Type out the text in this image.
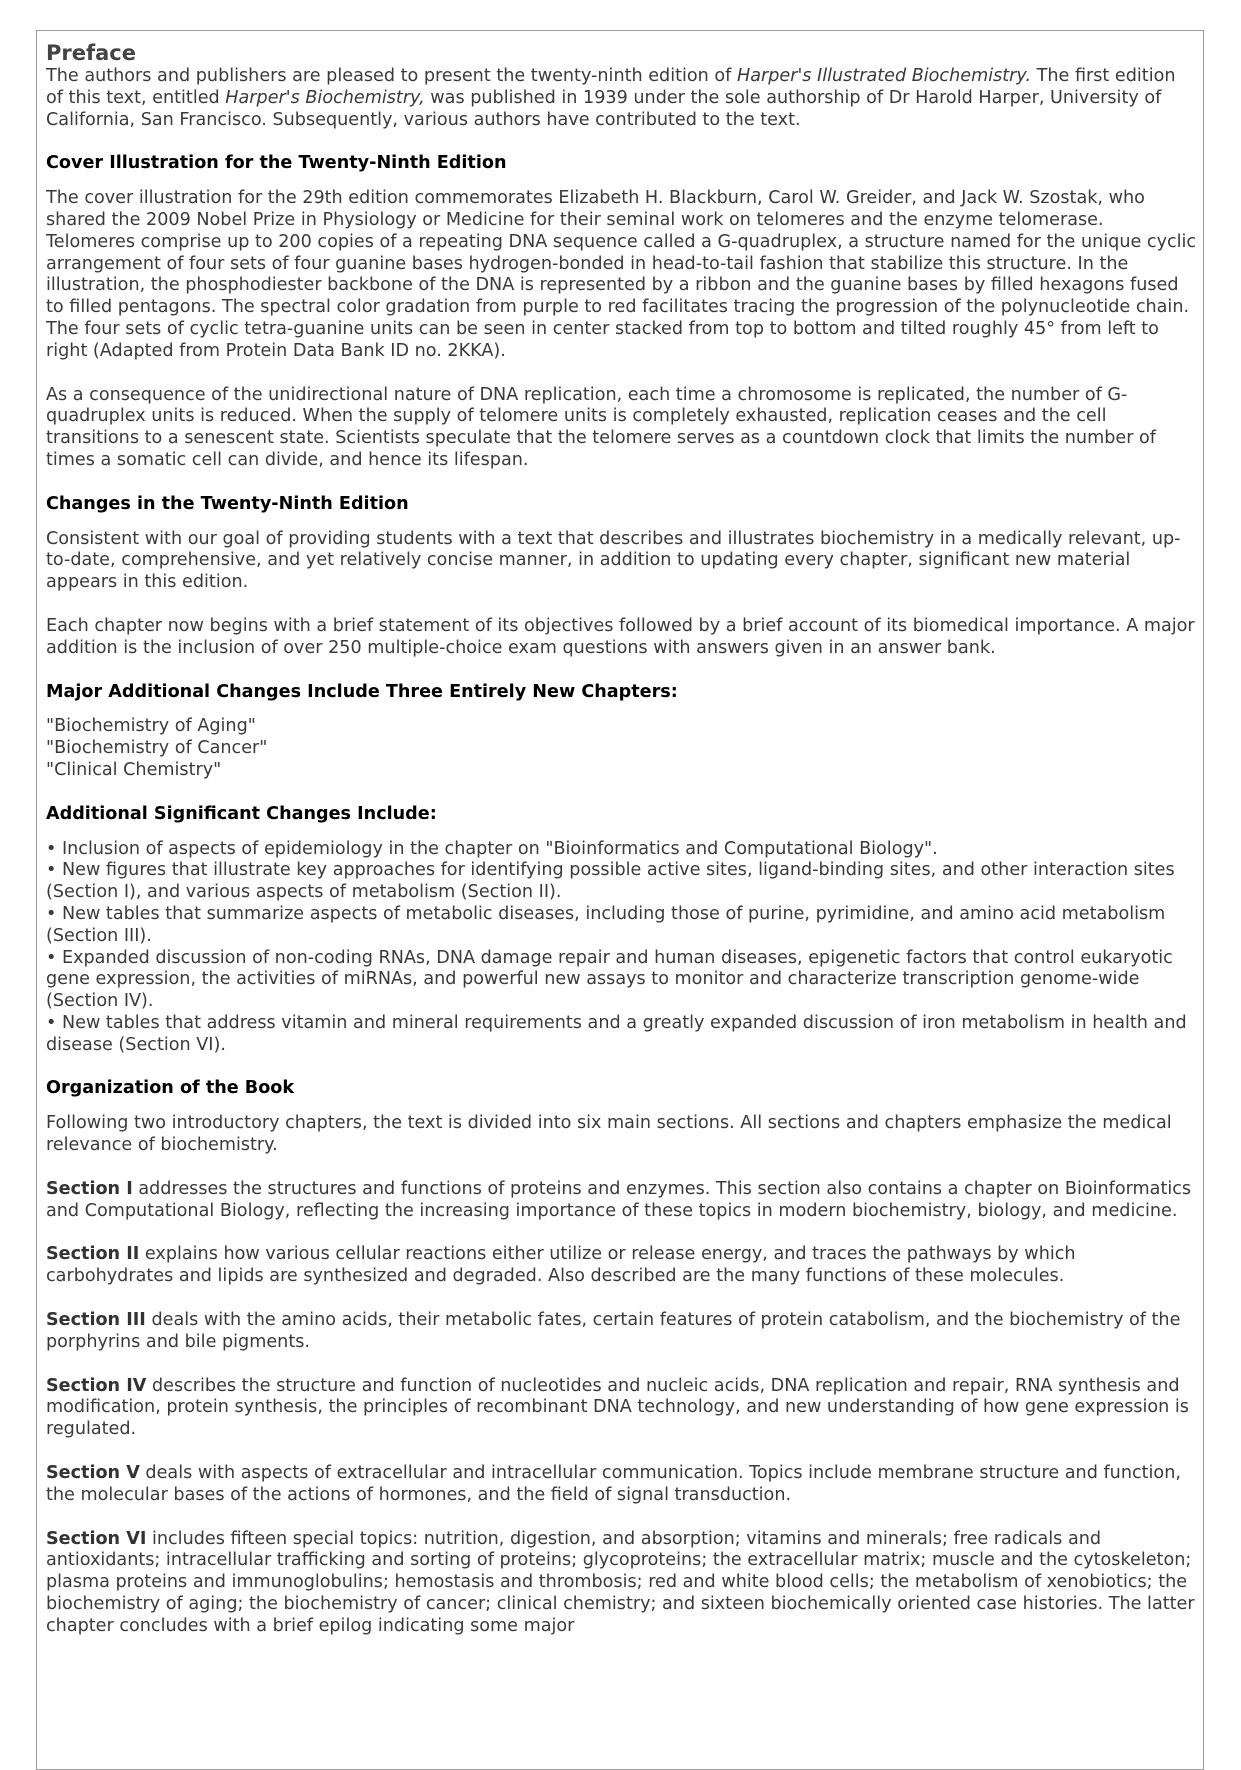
Preface

The authors and publishers are pleased to present the twenty-ninth edition of Harper's Illustrated Biochemistry. The first edition of this text, entitled Harper's Biochemistry, was published in 1939 under the sole authorship of Dr Harold Harper, University of California, San Francisco. Subsequently, various authors have contributed to the text.

Cover Illustration for the Twenty-Ninth Edition

The cover illustration for the 29th edition commemorates Elizabeth H. Blackburn, Carol W. Greider, and Jack W. Szostak, who shared the 2009 Nobel Prize in Physiology or Medicine for their seminal work on telomeres and the enzyme telomerase. Telomeres comprise up to 200 copies of a repeating DNA sequence called a G-quadruplex, a structure named for the unique cyclic arrangement of four sets of four guanine bases hydrogen-bonded in head-to-tail fashion that stabilize this structure. In the illustration, the phosphodiester backbone of the DNA is represented by a ribbon and the guanine bases by filled hexagons fused to filled pentagons. The spectral color gradation from purple to red facilitates tracing the progression of the polynucleotide chain. The four sets of cyclic tetra-guanine units can be seen in center stacked from top to bottom and tilted roughly 45° from left to right (Adapted from Protein Data Bank ID no. 2KKA).

As a consequence of the unidirectional nature of DNA replication, each time a chromosome is replicated, the number of G-quadruplex units is reduced. When the supply of telomere units is completely exhausted, replication ceases and the cell transitions to a senescent state. Scientists speculate that the telomere serves as a countdown clock that limits the number of times a somatic cell can divide, and hence its lifespan.

Changes in the Twenty-Ninth Edition

Consistent with our goal of providing students with a text that describes and illustrates biochemistry in a medically relevant, up-to-date, comprehensive, and yet relatively concise manner, in addition to updating every chapter, significant new material appears in this edition.

Each chapter now begins with a brief statement of its objectives followed by a brief account of its biomedical importance. A major addition is the inclusion of over 250 multiple-choice exam questions with answers given in an answer bank.

Major Additional Changes Include Three Entirely New Chapters:
"Biochemistry of Aging"
"Biochemistry of Cancer"
"Clinical Chemistry"
Additional Significant Changes Include:
• Inclusion of aspects of epidemiology in the chapter on "Bioinformatics and Computational Biology".
• New figures that illustrate key approaches for identifying possible active sites, ligand-binding sites, and other interaction sites (Section I), and various aspects of metabolism (Section II).
• New tables that summarize aspects of metabolic diseases, including those of purine, pyrimidine, and amino acid metabolism (Section III).
• Expanded discussion of non-coding RNAs, DNA damage repair and human diseases, epigenetic factors that control eukaryotic gene expression, the activities of miRNAs, and powerful new assays to monitor and characterize transcription genome-wide (Section IV).
• New tables that address vitamin and mineral requirements and a greatly expanded discussion of iron metabolism in health and disease (Section VI).
Organization of the Book

Following two introductory chapters, the text is divided into six main sections. All sections and chapters emphasize the medical relevance of biochemistry.

Section I addresses the structures and functions of proteins and enzymes. This section also contains a chapter on Bioinformatics and Computational Biology, reflecting the increasing importance of these topics in modern biochemistry, biology, and medicine.

Section II explains how various cellular reactions either utilize or release energy, and traces the pathways by which carbohydrates and lipids are synthesized and degraded. Also described are the many functions of these molecules.

Section III deals with the amino acids, their metabolic fates, certain features of protein catabolism, and the biochemistry of the porphyrins and bile pigments.

Section IV describes the structure and function of nucleotides and nucleic acids, DNA replication and repair, RNA synthesis and modification, protein synthesis, the principles of recombinant DNA technology, and new understanding of how gene expression is regulated.

Section V deals with aspects of extracellular and intracellular communication. Topics include membrane structure and function, the molecular bases of the actions of hormones, and the field of signal transduction.

Section VI includes fifteen special topics: nutrition, digestion, and absorption; vitamins and minerals; free radicals and antioxidants; intracellular trafficking and sorting of proteins; glycoproteins; the extracellular matrix; muscle and the cytoskeleton; plasma proteins and immunoglobulins; hemostasis and thrombosis; red and white blood cells; the metabolism of xenobiotics; the biochemistry of aging; the biochemistry of cancer; clinical chemistry; and sixteen biochemically oriented case histories. The latter chapter concludes with a brief epilog indicating some major
